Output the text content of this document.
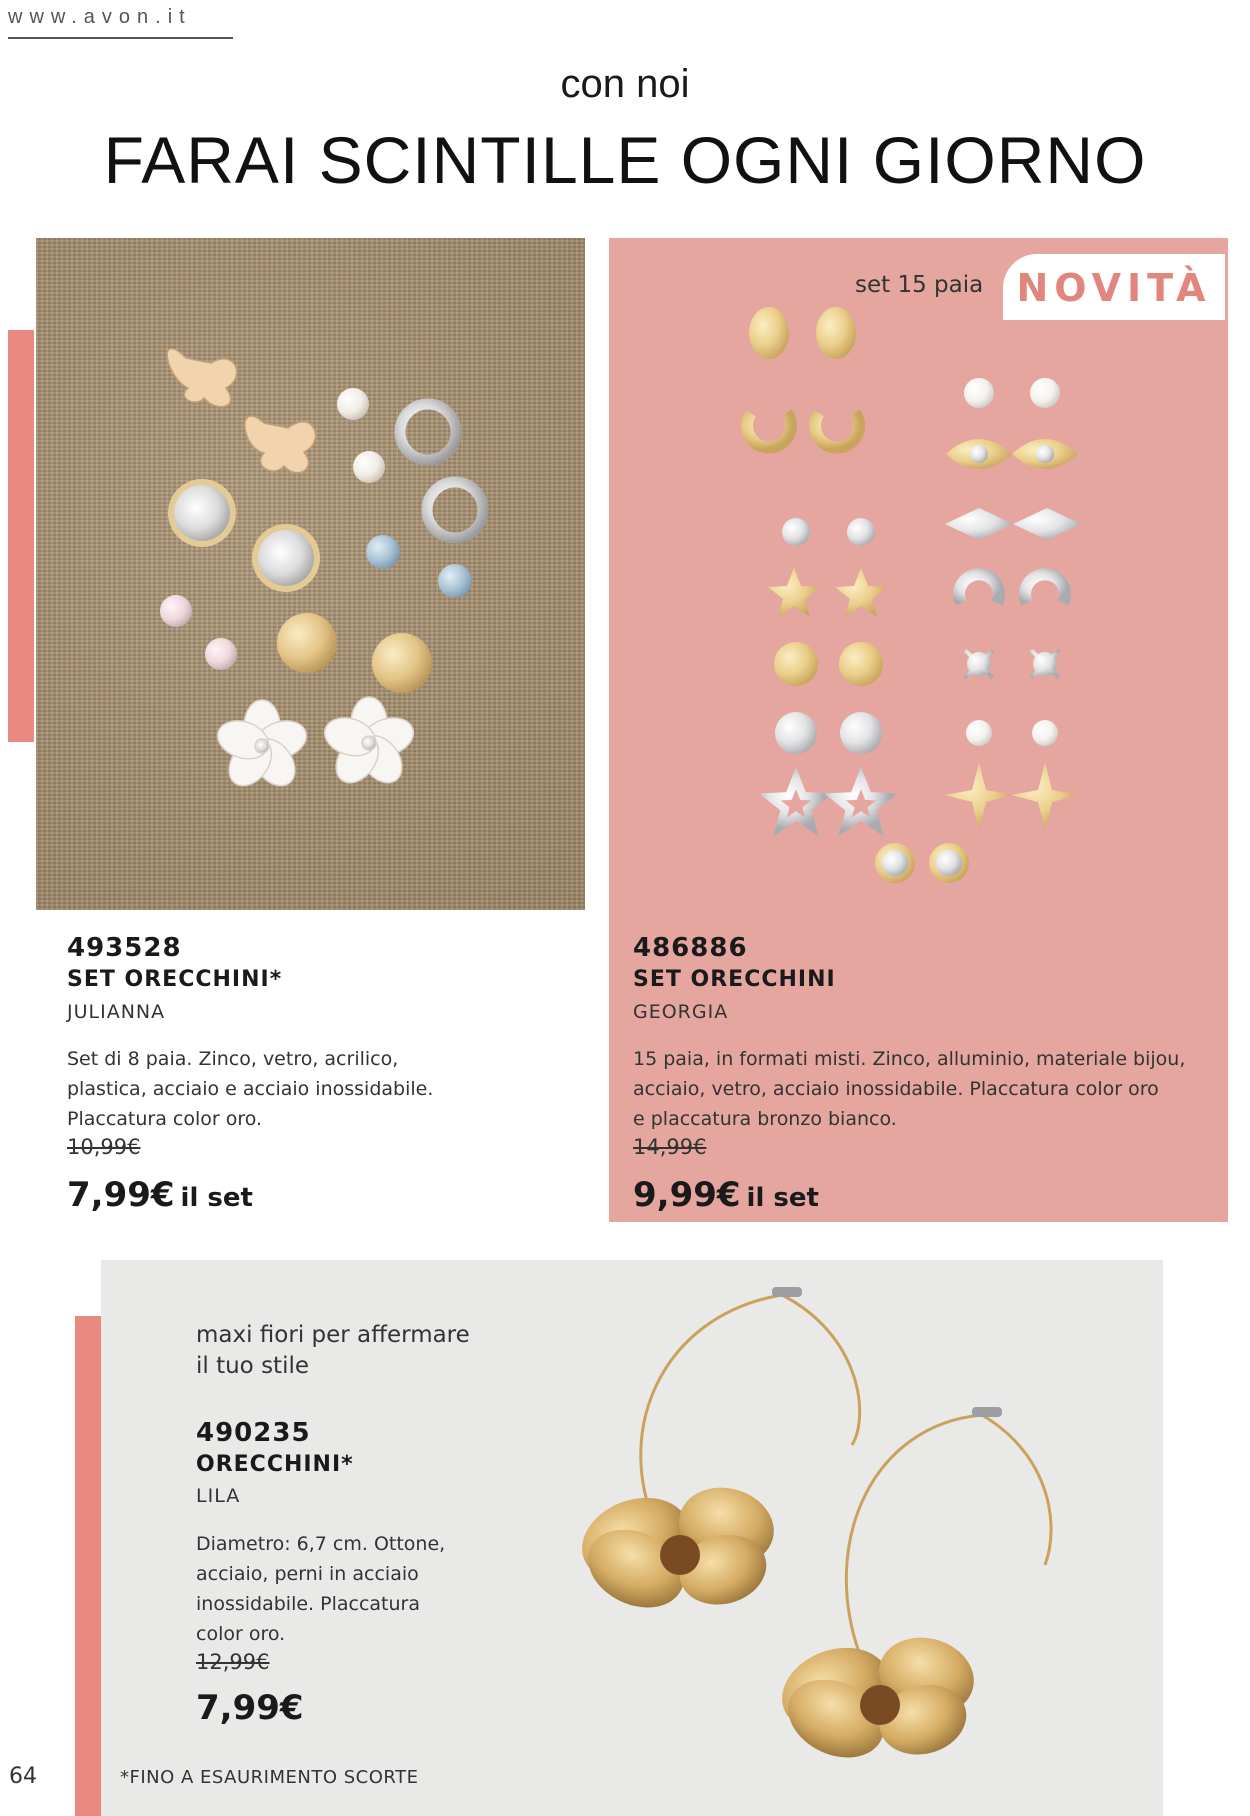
www.avon.it
con noi
FARAI SCINTILLE OGNI GIORNO
NOVITÀ
set 15 paia
493528
SET ORECCHINI*
JULIANNA
Set di 8 paia. Zinco, vetro, acrilico,
plastica, acciaio e acciaio inossidabile.
Placcatura color oro.
10,99€
7,99€ il set
486886
SET ORECCHINI
GEORGIA
15 paia, in formati misti. Zinco, alluminio, materiale bijou,
acciaio, vetro, acciaio inossidabile. Placcatura color oro
e placcatura bronzo bianco.
14,99€
9,99€ il set
maxi fiori per affermare
il tuo stile
490235
ORECCHINI*
LILA
Diametro: 6,7 cm. Ottone,
acciaio, perni in acciaio
inossidabile. Placcatura
color oro.
12,99€
7,99€
64	*FINO A ESAURIMENTO SCORTE
